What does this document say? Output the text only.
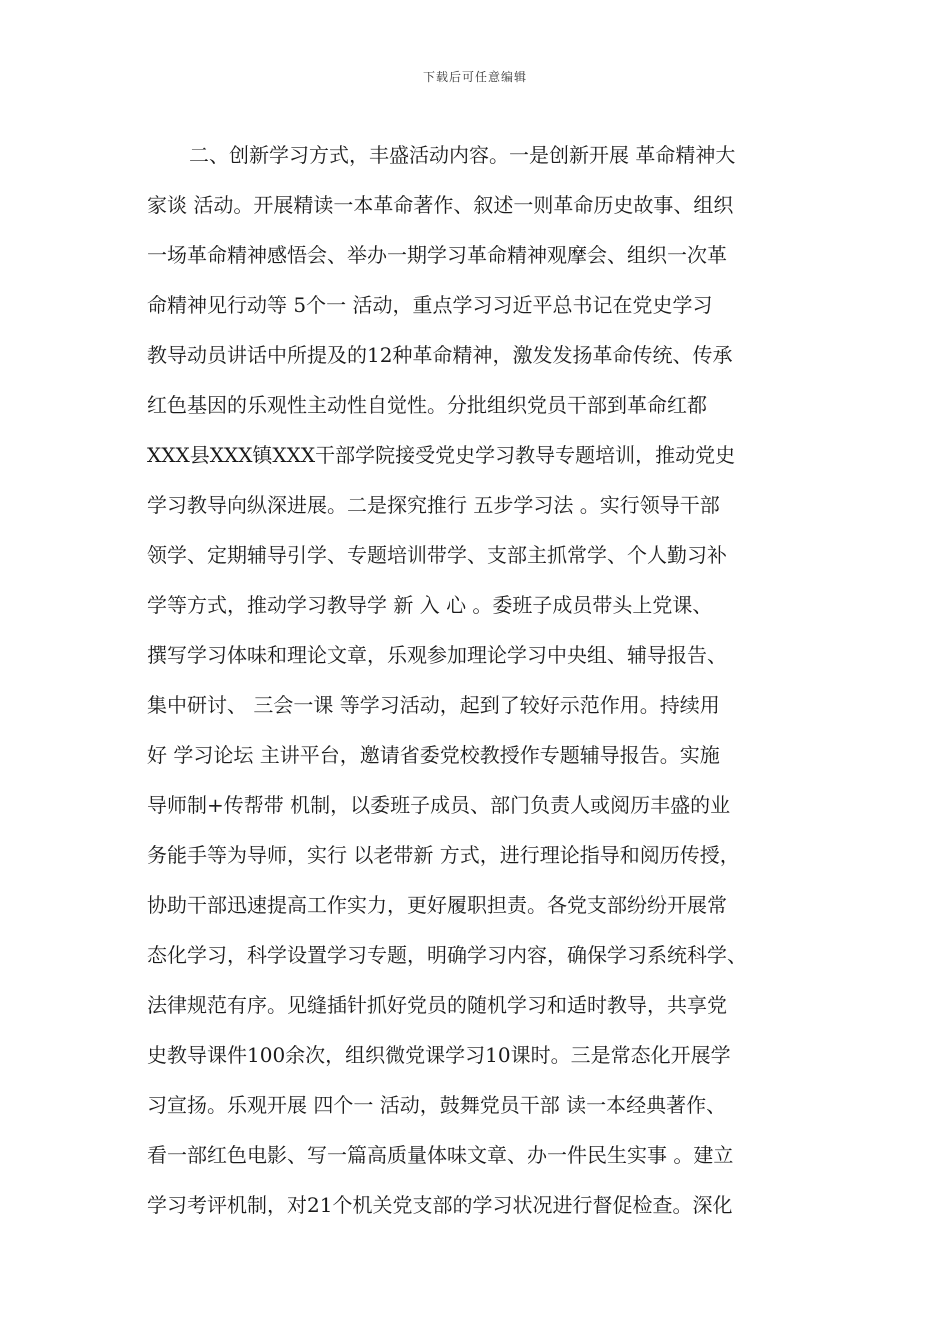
下载后可任意编辑
二、创新学习方式，丰盛活动内容。一是创新开展 革命精神大
家谈 活动。开展精读一本革命著作、叙述一则革命历史故事、组织
一场革命精神感悟会、举办一期学习革命精神观摩会、组织一次革
命精神见行动等 5个一 活动，重点学习习近平总书记在党史学习
教导动员讲话中所提及的12种革命精神，激发发扬革命传统、传承
红色基因的乐观性主动性自觉性。分批组织党员干部到革命红都
XXX县XXX镇XXX干部学院接受党史学习教导专题培训，推动党史
学习教导向纵深进展。二是探究推行 五步学习法 。实行领导干部
领学、定期辅导引学、专题培训带学、支部主抓常学、个人勤习补
学等方式，推动学习教导学 新 入 心 。委班子成员带头上党课、
撰写学习体味和理论文章，乐观参加理论学习中央组、辅导报告、
集中研讨、 三会一课 等学习活动，起到了较好示范作用。持续用
好 学习论坛 主讲平台，邀请省委党校教授作专题辅导报告。实施
导师制+传帮带 机制，以委班子成员、部门负责人或阅历丰盛的业
务能手等为导师，实行 以老带新 方式，进行理论指导和阅历传授，
协助干部迅速提高工作实力，更好履职担责。各党支部纷纷开展常
态化学习，科学设置学习专题，明确学习内容，确保学习系统科学、
法律规范有序。见缝插针抓好党员的随机学习和适时教导，共享党
史教导课件100余次，组织微党课学习10课时。三是常态化开展学
习宣扬。乐观开展 四个一 活动，鼓舞党员干部 读一本经典著作、
看一部红色电影、写一篇高质量体味文章、办一件民生实事 。建立
学习考评机制，对21个机关党支部的学习状况进行督促检查。深化
